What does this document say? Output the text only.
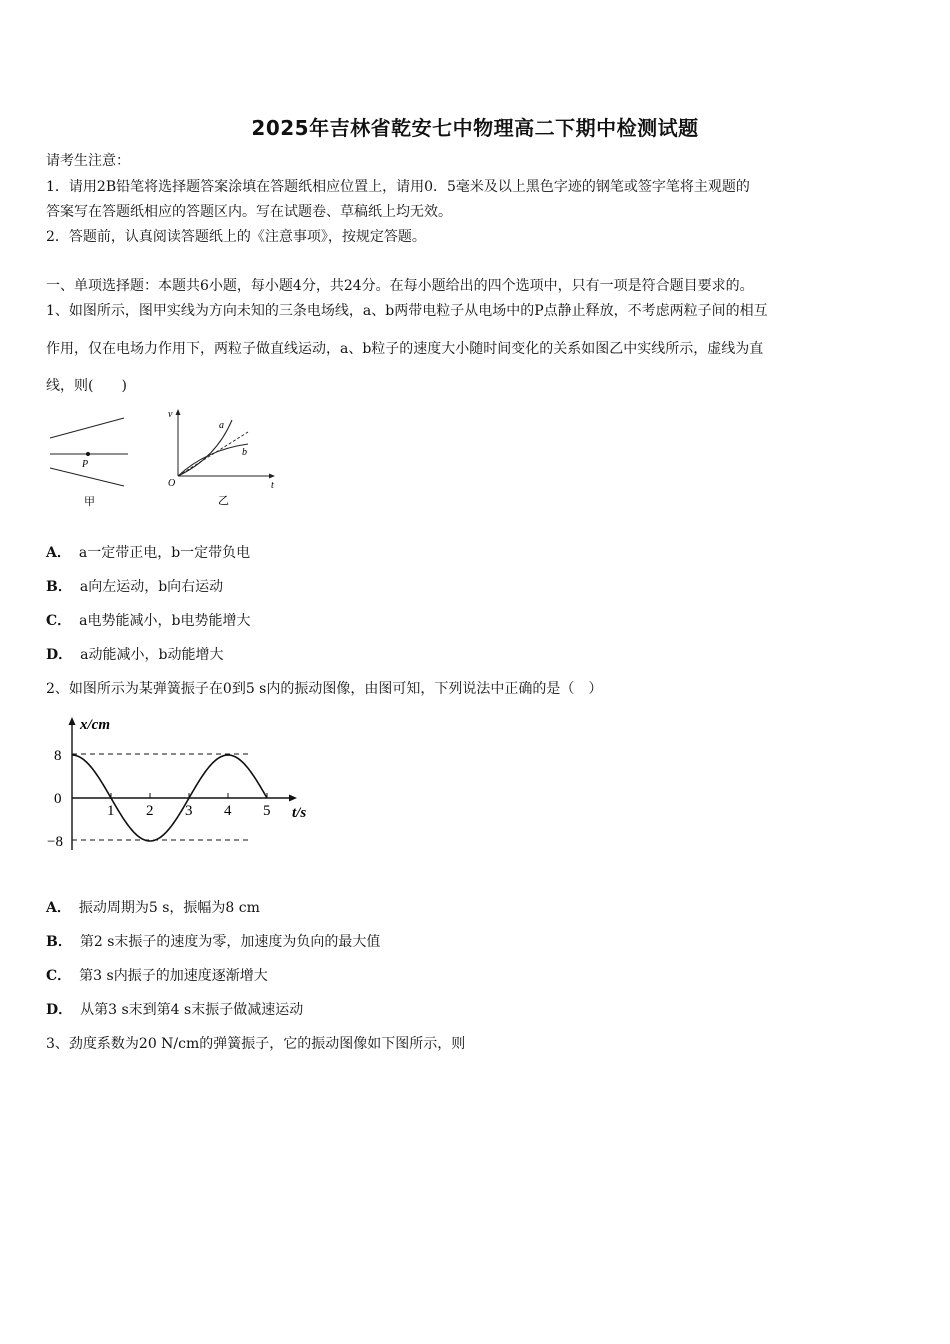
2025年吉林省乾安七中物理高二下期中检测试题
请考生注意：
1．请用2B铅笔将选择题答案涂填在答题纸相应位置上，请用0．5毫米及以上黑色字迹的钢笔或签字笔将主观题的
答案写在答题纸相应的答题区内。写在试题卷、草稿纸上均无效。
2．答题前，认真阅读答题纸上的《注意事项》，按规定答题。
一、单项选择题：本题共6小题，每小题4分，共24分。在每小题给出的四个选项中，只有一项是符合题目要求的。
1、如图所示，图甲实线为方向未知的三条电场线，a、b两带电粒子从电场中的P点静止释放，不考虑两粒子间的相互
作用，仅在电场力作用下，两粒子做直线运动，a、b粒子的速度大小随时间变化的关系如图乙中实线所示，虚线为直
线，则(　　)
P
甲
v
t
O
a
b
乙
A． a一定带正电，b一定带负电
B． a向左运动，b向右运动
C． a电势能减小，b电势能增大
D． a动能减小，b动能增大
2、如图所示为某弹簧振子在0到5 s内的振动图像，由图可知，下列说法中正确的是（　）
x/cm
t/s
8
0
−8
1 2 3 4 5
A． 振动周期为5 s，振幅为8 cm
B． 第2 s末振子的速度为零，加速度为负向的最大值
C． 第3 s内振子的加速度逐渐增大
D． 从第3 s末到第4 s末振子做减速运动
3、劲度系数为20 N/cm的弹簧振子，它的振动图像如下图所示，则
